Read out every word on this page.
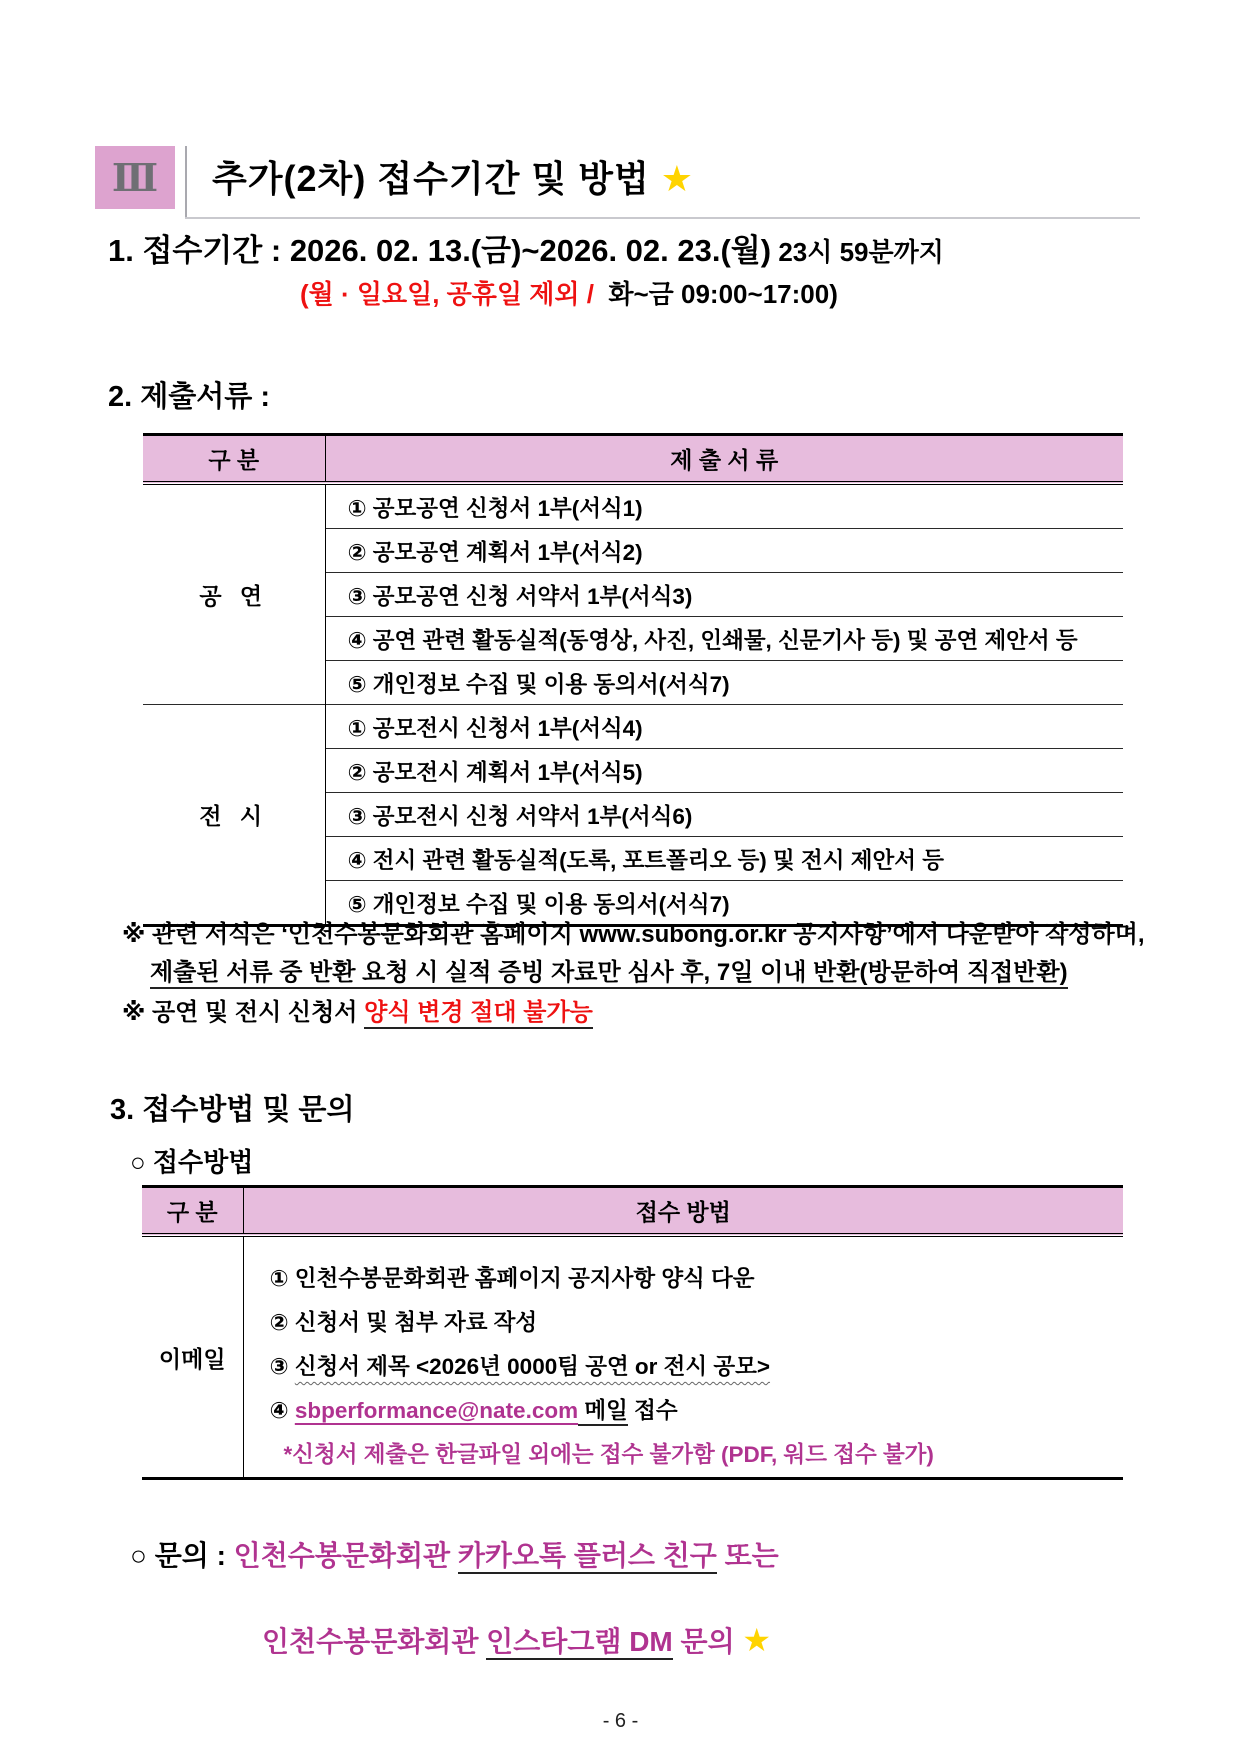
Ⅲ 추가(2차) 접수기간 및 방법 ★
1. 접수기간 : 2026. 02. 13.(금)~2026. 02. 23.(월) 23시 59분까지
(월 · 일요일, 공휴일 제외 /  화~금 09:00~17:00)
2. 제출서류 :
구 분	제 출 서 류
공 연	① 공모공연 신청서 1부(서식1)
	② 공모공연 계획서 1부(서식2)
	③ 공모공연 신청 서약서 1부(서식3)
	④ 공연 관련 활동실적(동영상, 사진, 인쇄물, 신문기사 등) 및 공연 제안서 등
	⑤ 개인정보 수집 및 이용 동의서(서식7)
전 시	① 공모전시 신청서 1부(서식4)
	② 공모전시 계획서 1부(서식5)
	③ 공모전시 신청 서약서 1부(서식6)
	④ 전시 관련 활동실적(도록, 포트폴리오 등) 및 전시 제안서 등
	⑤ 개인정보 수집 및 이용 동의서(서식7)
※ 관련 서식은 ‘인천수봉문화회관 홈페이지 www.subong.or.kr 공지사항’에서 다운받아 작성하며,
제출된 서류 중 반환 요청 시 실적 증빙 자료만 심사 후, 7일 이내 반환(방문하여 직접반환)
※ 공연 및 전시 신청서 양식 변경 절대 불가능
3. 접수방법 및 문의
○ 접수방법
구 분	접수 방법
이메일	① 인천수봉문화회관 홈페이지 공지사항 양식 다운
② 신청서 및 첨부 자료 작성
③ 신청서 제목 <2026년 0000팀 공연 or 전시 공모>
④ sbperformance@nate.com 메일 접수
*신청서 제출은 한글파일 외에는 접수 불가함 (PDF, 워드 접수 불가)
○ 문의 : 인천수봉문화회관 카카오톡 플러스 친구 또는
인천수봉문화회관 인스타그램 DM 문의 ★
- 6 -
